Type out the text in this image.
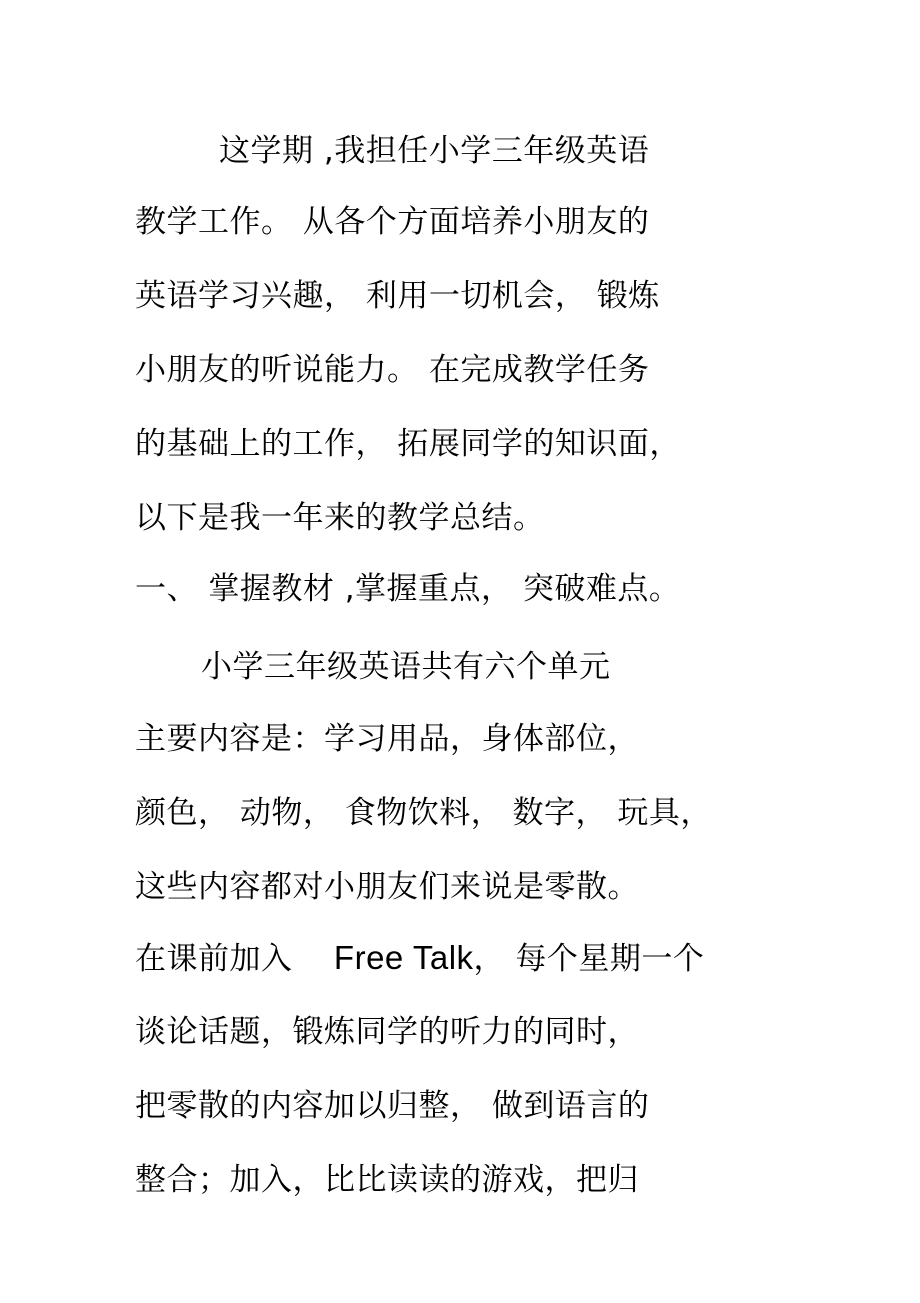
这学期 ,我担任小学三年级英语
教学工作。 从各个方面培养小朋友的
英语学习兴趣， 利用一切机会， 锻炼
小朋友的听说能力。 在完成教学任务
的基础上的工作， 拓展同学的知识面，
以下是我一年来的教学总结。
一、 掌握教材 ,掌握重点， 突破难点。
小学三年级英语共有六个单元
主要内容是：学习用品，身体部位，
颜色， 动物， 食物饮料， 数字， 玩具，
这些内容都对小朋友们来说是零散。
在课前加入 Free Talk， 每个星期一个
谈论话题，锻炼同学的听力的同时，
把零散的内容加以归整， 做到语言的
整合；加入，比比读读的游戏，把归
